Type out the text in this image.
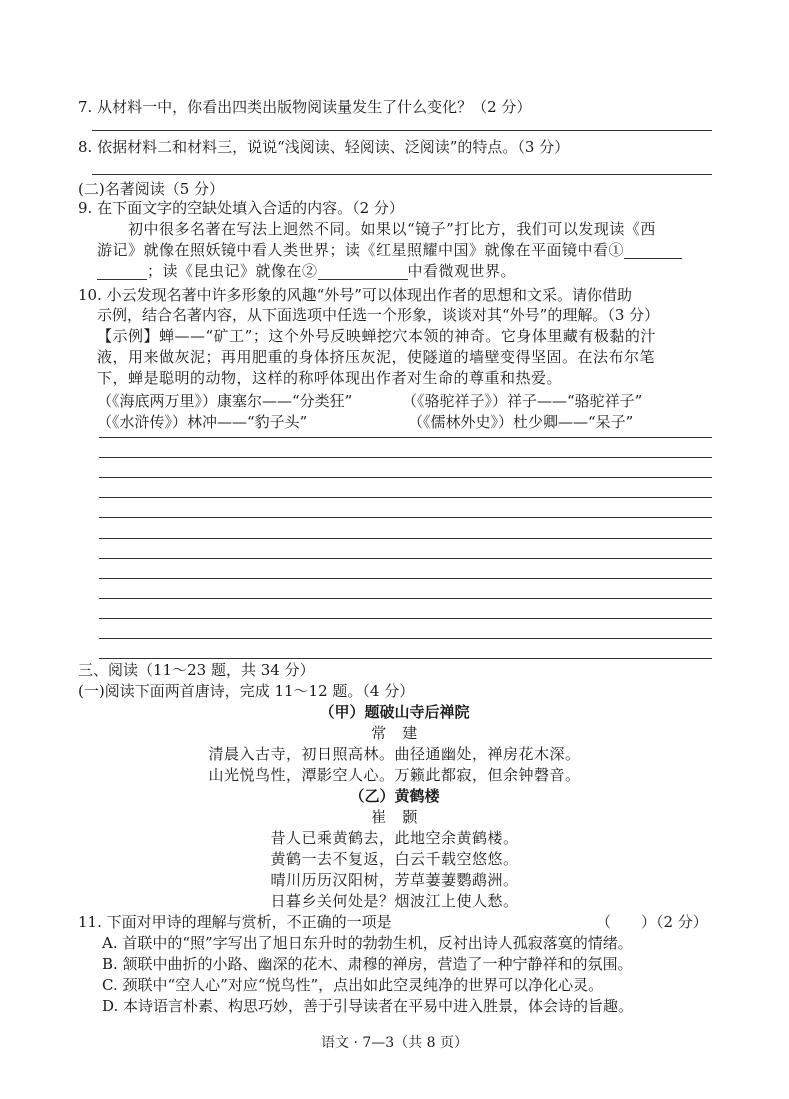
7. 从材料一中，你看出四类出版物阅读量发生了什么变化？（2 分）
8. 依据材料二和材料三，说说“浅阅读、轻阅读、泛阅读”的特点。（3 分）
(二)名著阅读（5 分）
9. 在下面文字的空缺处填入合适的内容。（2 分）
初中很多名著在写法上迥然不同。如果以“镜子”打比方，我们可以发现读《西
游记》就像在照妖镜中看人类世界；读《红星照耀中国》就像在平面镜中看①
；读《昆虫记》就像在②	中看微观世界。
10. 小云发现名著中许多形象的风趣“外号”可以体现出作者的思想和文采。请你借助
示例，结合名著内容，从下面选项中任选一个形象，谈谈对其“外号”的理解。（3 分）
【示例】蝉——“矿工”；这个外号反映蝉挖穴本领的神奇。它身体里藏有极黏的汁
液，用来做灰泥；再用肥重的身体挤压灰泥，使隧道的墙壁变得坚固。在法布尔笔
下，蝉是聪明的动物，这样的称呼体现出作者对生命的尊重和热爱。
（《海底两万里》）康塞尔——“分类狂”	（《骆驼祥子》）祥子——“骆驼祥子”
（《水浒传》）林冲——“豹子头”	（《儒林外史》）杜少卿——“呆子”
三、阅读（11～23 题，共 34 分）
(一)阅读下面两首唐诗，完成 11～12 题。（4 分）
（甲）题破山寺后禅院
常　建
清晨入古寺，初日照高林。曲径通幽处，禅房花木深。
山光悦鸟性，潭影空人心。万籁此都寂，但余钟磬音。
（乙）黄鹤楼
崔　颢
昔人已乘黄鹤去，此地空余黄鹤楼。
黄鹤一去不复返，白云千载空悠悠。
晴川历历汉阳树，芳草萋萋鹦鹉洲。
日暮乡关何处是？烟波江上使人愁。
11. 下面对甲诗的理解与赏析，不正确的一项是	（　　）（2 分）
A. 首联中的“照”字写出了旭日东升时的勃勃生机，反衬出诗人孤寂落寞的情绪。
B. 颔联中曲折的小路、幽深的花木、肃穆的禅房，营造了一种宁静祥和的氛围。
C. 颈联中“空人心”对应“悦鸟性”，点出如此空灵纯净的世界可以净化心灵。
D. 本诗语言朴素、构思巧妙，善于引导读者在平易中进入胜景，体会诗的旨趣。
语文 · 7—3（共 8 页）
